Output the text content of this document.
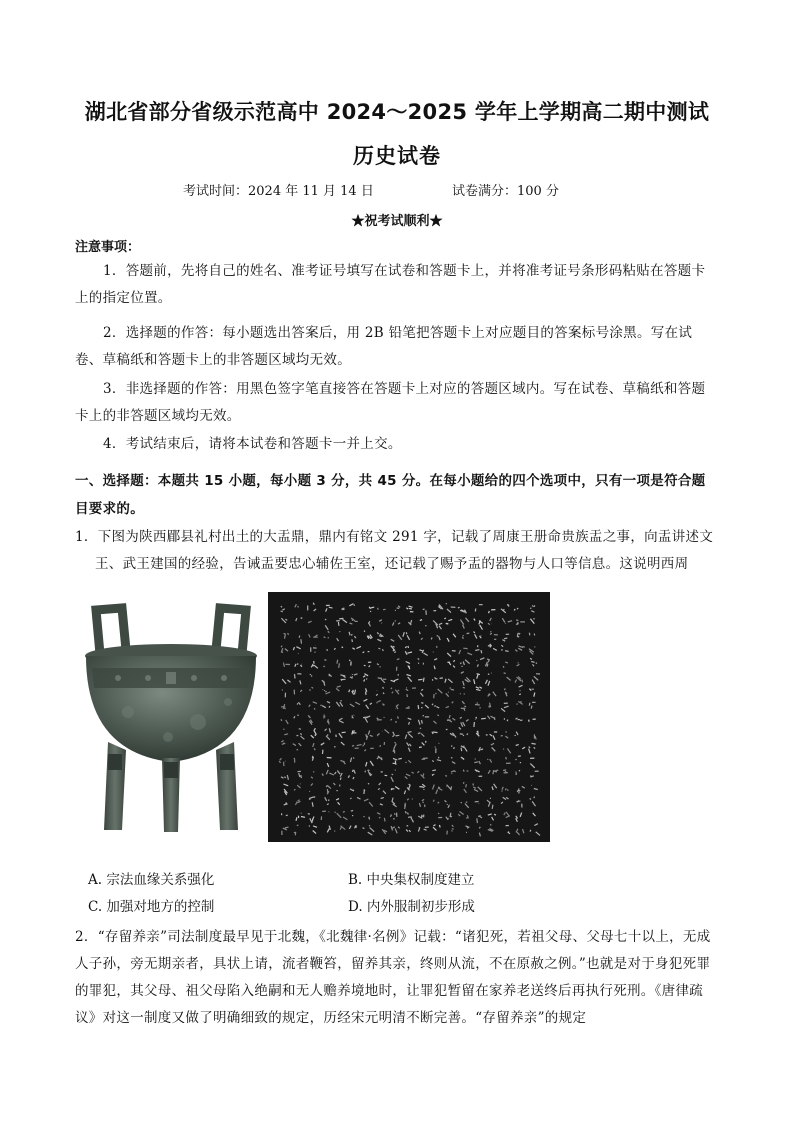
湖北省部分省级示范高中 2024～2025 学年上学期高二期中测试
历史试卷
考试时间：2024 年 11 月 14 日	试卷满分：100 分
★祝考试顺利★
注意事项：
1．答题前，先将自己的姓名、准考证号填写在试卷和答题卡上，并将准考证号条形码粘贴在答题卡上的指定位置。
2．选择题的作答：每小题选出答案后，用 2B 铅笔把答题卡上对应题目的答案标号涂黑。写在试卷、草稿纸和答题卡上的非答题区域均无效。
3．非选择题的作答：用黑色签字笔直接答在答题卡上对应的答题区域内。写在试卷、草稿纸和答题卡上的非答题区域均无效。
4．考试结束后，请将本试卷和答题卡一并上交。
一、选择题：本题共 15 小题，每小题 3 分，共 45 分。在每小题给的四个选项中，只有一项是符合题目要求的。
1．下图为陕西郿县礼村出土的大盂鼎，鼎内有铭文 291 字，记载了周康王册命贵族盂之事，向盂讲述文王、武王建国的经验，告诫盂要忠心辅佐王室，还记载了赐予盂的器物与人口等信息。这说明西周
A. 宗法血缘关系强化	B. 中央集权制度建立
C. 加强对地方的控制	D. 内外服制初步形成
2．“存留养亲”司法制度最早见于北魏，《北魏律·名例》记载：“诸犯死，若祖父母、父母七十以上，无成人子孙，旁无期亲者，具状上请，流者鞭笞，留养其亲，终则从流，不在原赦之例。”也就是对于身犯死罪的罪犯，其父母、祖父母陷入绝嗣和无人赡养境地时，让罪犯暂留在家养老送终后再执行死刑。《唐律疏议》对这一制度又做了明确细致的规定，历经宋元明清不断完善。“存留养亲”的规定
